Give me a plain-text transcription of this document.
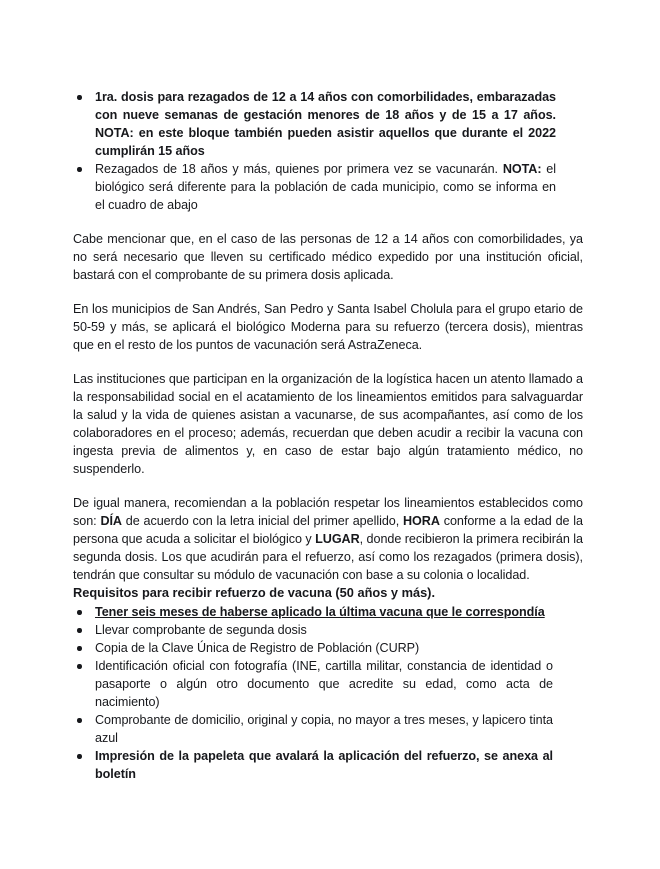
1ra. dosis para rezagados de 12 a 14 años con comorbilidades, embarazadas con nueve semanas de gestación menores de 18 años y de 15 a 17 años. NOTA: en este bloque también pueden asistir aquellos que durante el 2022 cumplirán 15 años
Rezagados de 18 años y más, quienes por primera vez se vacunarán. NOTA: el biológico será diferente para la población de cada municipio, como se informa en el cuadro de abajo

Cabe mencionar que, en el caso de las personas de 12 a 14 años con comorbilidades, ya no será necesario que lleven su certificado médico expedido por una institución oficial, bastará con el comprobante de su primera dosis aplicada.

En los municipios de San Andrés, San Pedro y Santa Isabel Cholula para el grupo etario de 50-59 y más, se aplicará el biológico Moderna para su refuerzo (tercera dosis), mientras que en el resto de los puntos de vacunación será AstraZeneca.

Las instituciones que participan en la organización de la logística hacen un atento llamado a la responsabilidad social en el acatamiento de los lineamientos emitidos para salvaguardar la salud y la vida de quienes asistan a vacunarse, de sus acompañantes, así como de los colaboradores en el proceso; además, recuerdan que deben acudir a recibir la vacuna con ingesta previa de alimentos y, en caso de estar bajo algún tratamiento médico, no suspenderlo.

De igual manera, recomiendan a la población respetar los lineamientos establecidos como son: DÍA de acuerdo con la letra inicial del primer apellido, HORA conforme a la edad de la persona que acuda a solicitar el biológico y LUGAR, donde recibieron la primera recibirán la segunda dosis. Los que acudirán para el refuerzo, así como los rezagados (primera dosis), tendrán que consultar su módulo de vacunación con base a su colonia o localidad.

Requisitos para recibir refuerzo de vacuna (50 años y más).
Tener seis meses de haberse aplicado la última vacuna que le correspondía
Llevar comprobante de segunda dosis
Copia de la Clave Única de Registro de Población (CURP)
Identificación oficial con fotografía (INE, cartilla militar, constancia de identidad o pasaporte o algún otro documento que acredite su edad, como acta de nacimiento)
Comprobante de domicilio, original y copia, no mayor a tres meses, y lapicero tinta azul
Impresión de la papeleta que avalará la aplicación del refuerzo, se anexa al boletín
